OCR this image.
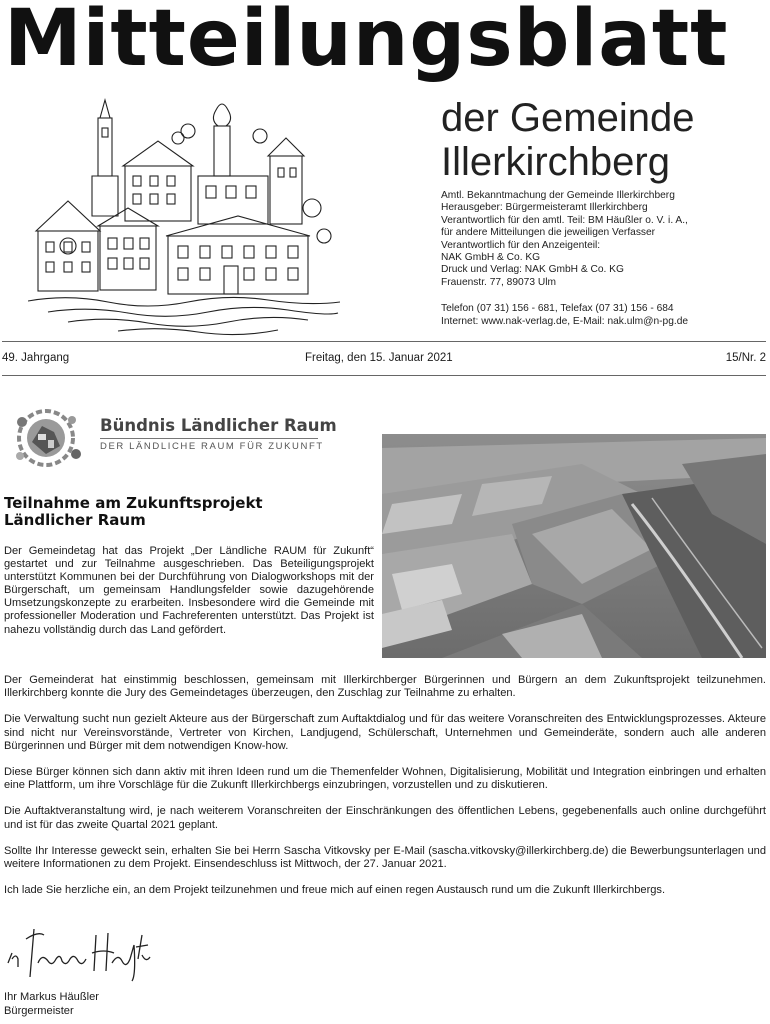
Mitteilungsblatt
der Gemeinde
Illerkirchberg
Amtl. Bekanntmachung der Gemeinde Illerkirchberg
Herausgeber: Bürgermeisteramt Illerkirchberg
Verantwortlich für den amtl. Teil: BM Häußler o. V. i. A.,
für andere Mitteilungen die jeweiligen Verfasser
Verantwortlich für den Anzeigenteil:
NAK GmbH & Co. KG
Druck und Verlag: NAK GmbH & Co. KG
Frauenstr. 77, 89073 Ulm
Telefon (07 31) 156 - 681, Telefax (07 31) 156 - 684
Internet: www.nak-verlag.de, E-Mail: nak.ulm@n-pg.de
49. Jahrgang	Freitag, den 15. Januar 2021	15/Nr. 2
Bündnis Ländlicher Raum
DER LÄNDLICHE RAUM FÜR ZUKUNFT
Teilnahme am Zukunftsprojekt
Ländlicher Raum
Der Gemeindetag hat das Projekt „Der Ländliche RAUM für Zukunft“ gestartet und zur Teilnahme ausgeschrieben. Das Beteiligungsprojekt unterstützt Kommunen bei der Durchführung von Dialogworkshops mit der Bürgerschaft, um gemeinsam Handlungsfelder sowie dazugehörende Umsetzungskonzepte zu erarbeiten. Insbesondere wird die Gemeinde mit professioneller Moderation und Fachreferenten unterstützt. Das Projekt ist nahezu vollständig durch das Land gefördert.

Der Gemeinderat hat einstimmig beschlossen, gemeinsam mit Illerkirchberger Bürgerinnen und Bürgern an dem Zukunftsprojekt teilzunehmen. Illerkirchberg konnte die Jury des Gemeindetages überzeugen, den Zuschlag zur Teilnahme zu erhalten.

Die Verwaltung sucht nun gezielt Akteure aus der Bürgerschaft zum Auftaktdialog und für das weitere Voranschreiten des Entwicklungsprozesses. Akteure sind nicht nur Vereinsvorstände, Vertreter von Kirchen, Landjugend, Schülerschaft, Unternehmen und Gemeinderäte, sondern auch alle anderen Bürgerinnen und Bürger mit dem notwendigen Know-how.

Diese Bürger können sich dann aktiv mit ihren Ideen rund um die Themenfelder Wohnen, Digitalisierung, Mobilität und Integration einbringen und erhalten eine Plattform, um ihre Vorschläge für die Zukunft Illerkirchbergs einzubringen, vorzustellen und zu diskutieren.

Die Auftaktveranstaltung wird, je nach weiterem Voranschreiten der Einschränkungen des öffentlichen Lebens, gegebenenfalls auch online durchgeführt und ist für das zweite Quartal 2021 geplant.

Sollte Ihr Interesse geweckt sein, erhalten Sie bei Herrn Sascha Vitkovsky per E-Mail (sascha.vitkovsky@illerkirchberg.de) die Bewerbungsunterlagen und weitere Informationen zu dem Projekt. Einsendeschluss ist Mittwoch, der 27. Januar 2021.

Ich lade Sie herzliche ein, an dem Projekt teilzunehmen und freue mich auf einen regen Austausch rund um die Zukunft Illerkirchbergs.

Ihr Markus Häußler
Bürgermeister
